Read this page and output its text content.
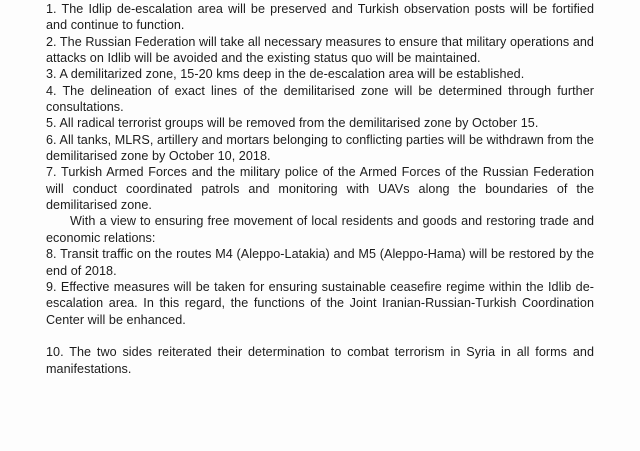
1. The Idlip de-escalation area will be preserved and Turkish observation posts will be fortified and continue to function.

2. The Russian Federation will take all necessary measures to ensure that military operations and attacks on Idlib will be avoided and the existing status quo will be maintained.

3. A demilitarized zone, 15-20 kms deep in the de-escalation area will be established.

4. The delineation of exact lines of the demilitarised zone will be determined through further consultations.

5. All radical terrorist groups will be removed from the demilitarised zone by October 15.

6. All tanks, MLRS, artillery and mortars belonging to conflicting parties will be withdrawn from the demilitarised zone by October 10, 2018.

7. Turkish Armed Forces and the military police of the Armed Forces of the Russian Federation will conduct coordinated patrols and monitoring with UAVs along the boundaries of the demilitarised zone.

With a view to ensuring free movement of local residents and goods and restoring trade and economic relations:

8. Transit traffic on the routes M4 (Aleppo-Latakia) and M5 (Aleppo-Hama) will be restored by the end of 2018.

9. Effective measures will be taken for ensuring sustainable ceasefire regime within the Idlib de-escalation area. In this regard, the functions of the Joint Iranian-Russian-Turkish Coordination Center will be enhanced.

10. The two sides reiterated their determination to combat terrorism in Syria in all forms and manifestations.
